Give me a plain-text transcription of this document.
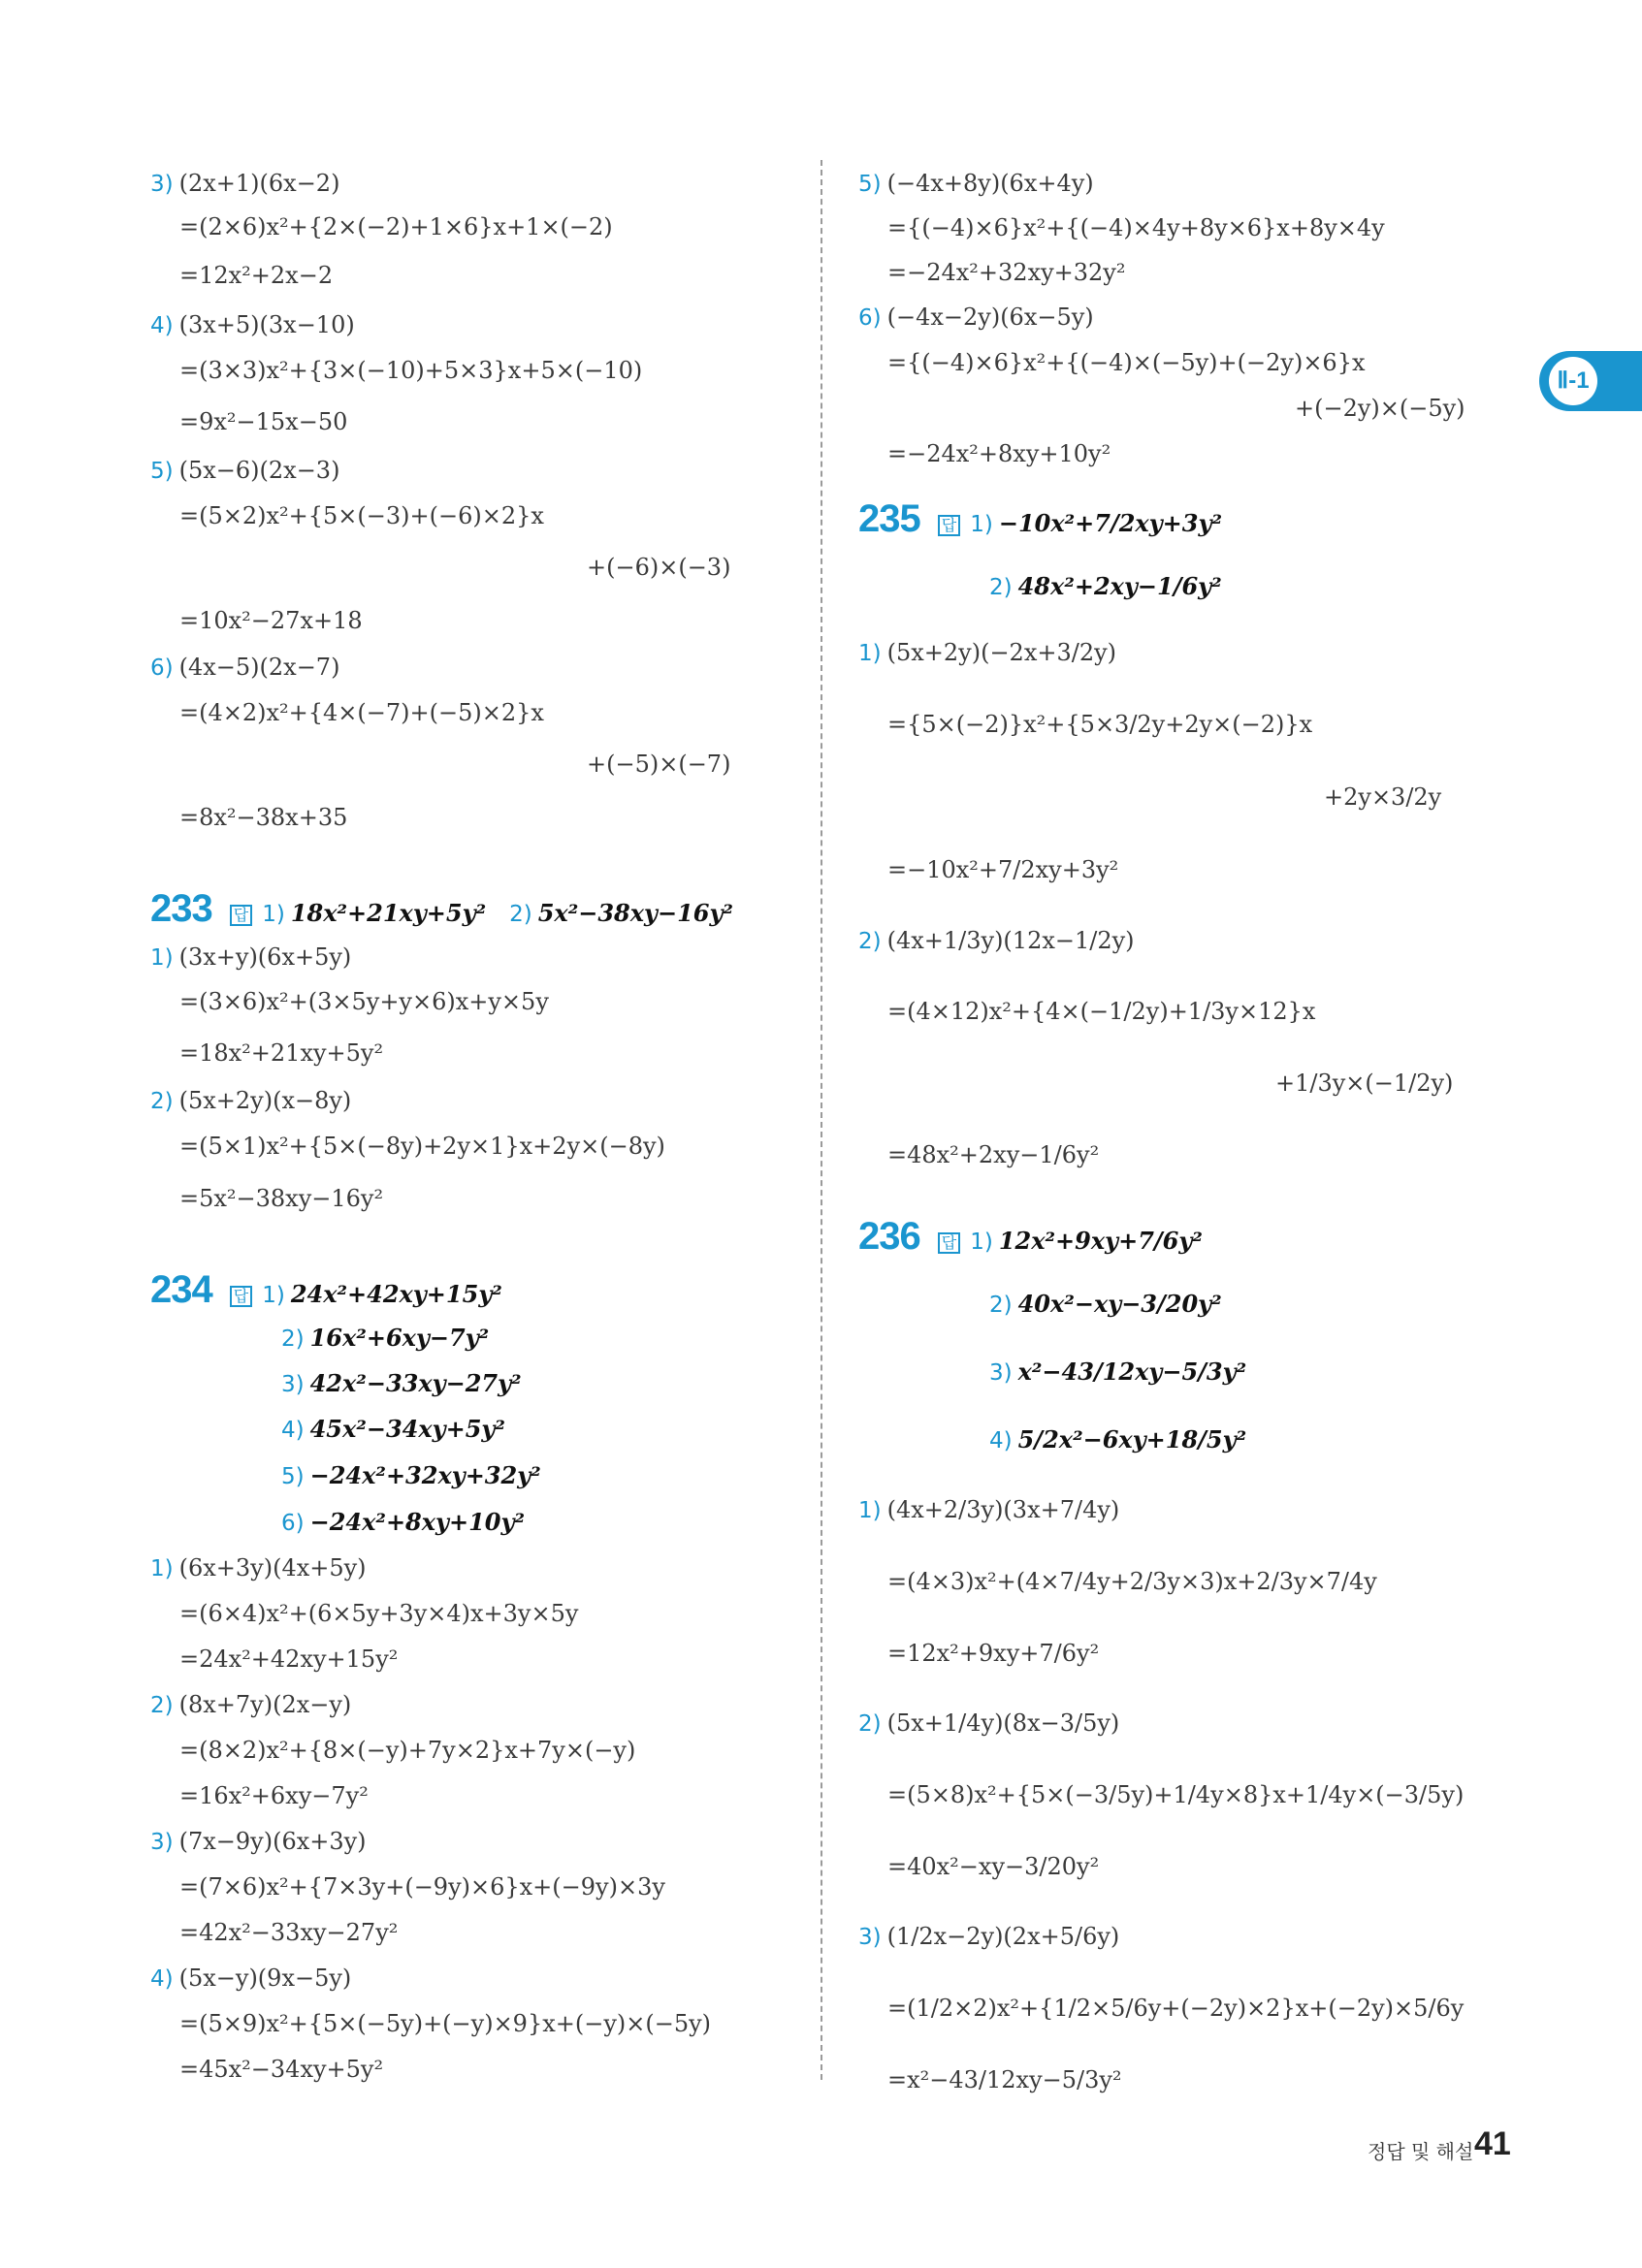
3) (2x+1)(6x−2)
=(2×6)x²+{2×(−2)+1×6}x+1×(−2)
=12x²+2x−2
4) (3x+5)(3x−10)
=(3×3)x²+{3×(−10)+5×3}x+5×(−10)
=9x²−15x−50
5) (5x−6)(2x−3)
=(5×2)x²+{5×(−3)+(−6)×2}x
+(−6)×(−3)
=10x²−27x+18
6) (4x−5)(2x−7)
=(4×2)x²+{4×(−7)+(−5)×2}x
+(−5)×(−7)
=8x²−38x+35
233 답 1) 18x²+21xy+5y² 2) 5x²−38xy−16y²
1) (3x+y)(6x+5y)
=(3×6)x²+(3×5y+y×6)x+y×5y
=18x²+21xy+5y²
2) (5x+2y)(x−8y)
=(5×1)x²+{5×(−8y)+2y×1}x+2y×(−8y)
=5x²−38xy−16y²
234 답 1) 24x²+42xy+15y²
2) 16x²+6xy−7y²
3) 42x²−33xy−27y²
4) 45x²−34xy+5y²
5) −24x²+32xy+32y²
6) −24x²+8xy+10y²
1) (6x+3y)(4x+5y)
=(6×4)x²+(6×5y+3y×4)x+3y×5y
=24x²+42xy+15y²
2) (8x+7y)(2x−y)
=(8×2)x²+{8×(−y)+7y×2}x+7y×(−y)
=16x²+6xy−7y²
3) (7x−9y)(6x+3y)
=(7×6)x²+{7×3y+(−9y)×6}x+(−9y)×3y
=42x²−33xy−27y²
4) (5x−y)(9x−5y)
=(5×9)x²+{5×(−5y)+(−y)×9}x+(−y)×(−5y)
=45x²−34xy+5y²
5) (−4x+8y)(6x+4y)
={(−4)×6}x²+{(−4)×4y+8y×6}x+8y×4y
=−24x²+32xy+32y²
6) (−4x−2y)(6x−5y)
={(−4)×6}x²+{(−4)×(−5y)+(−2y)×6}x
+(−2y)×(−5y)
=−24x²+8xy+10y²
235 답 1) −10x²+7/2xy+3y²
2) 48x²+2xy−1/6y²
1) (5x+2y)(−2x+3/2y)
={5×(−2)}x²+{5×3/2y+2y×(−2)}x
+2y×3/2y
=−10x²+7/2xy+3y²
2) (4x+1/3y)(12x−1/2y)
=(4×12)x²+{4×(−1/2y)+1/3y×12}x
+1/3y×(−1/2y)
=48x²+2xy−1/6y²
236 답 1) 12x²+9xy+7/6y²
2) 40x²−xy−3/20y²
3) x²−43/12xy−5/3y²
4) 5/2x²−6xy+18/5y²
1) (4x+2/3y)(3x+7/4y)
=(4×3)x²+(4×7/4y+2/3y×3)x+2/3y×7/4y
=12x²+9xy+7/6y²
2) (5x+1/4y)(8x−3/5y)
=(5×8)x²+{5×(−3/5y)+1/4y×8}x+1/4y×(−3/5y)
=40x²−xy−3/20y²
3) (1/2x−2y)(2x+5/6y)
=(1/2×2)x²+{1/2×5/6y+(−2y)×2}x+(−2y)×5/6y
=x²−43/12xy−5/3y²
Ⅱ-1
정답 및 해설 41
